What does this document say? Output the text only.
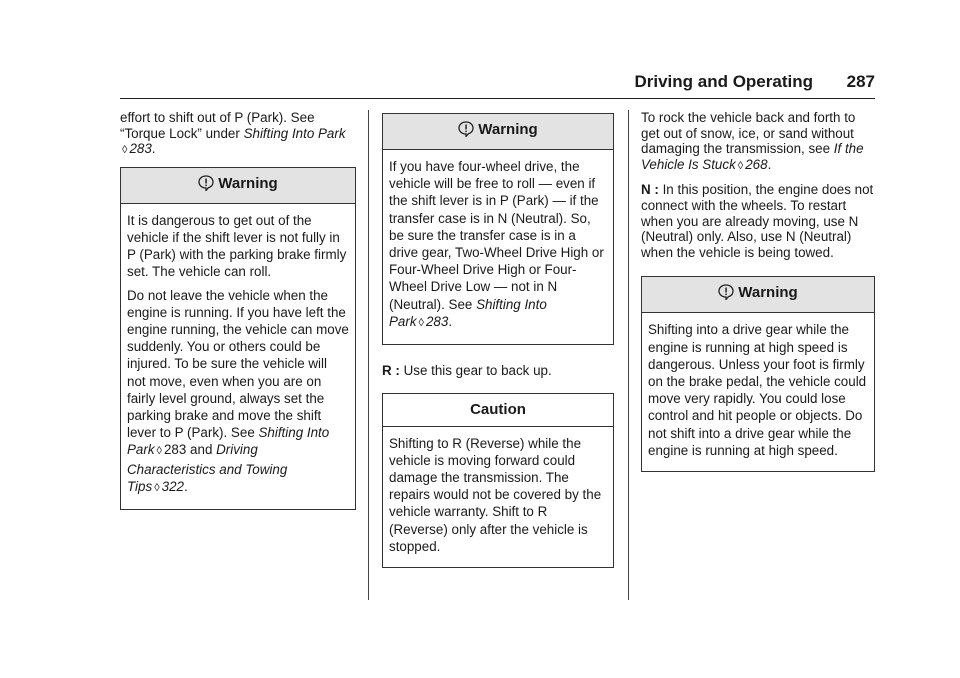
Driving and Operating 287

effort to shift out of P (Park). See “Torque Lock” under Shifting Into Park ◊ 283.

Warning

It is dangerous to get out of the vehicle if the shift lever is not fully in P (Park) with the parking brake firmly set. The vehicle can roll.

Do not leave the vehicle when the engine is running. If you have left the engine running, the vehicle can move suddenly. You or others could be injured. To be sure the vehicle will not move, even when you are on fairly level ground, always set the parking brake and move the shift lever to P (Park). See Shifting Into Park ◊ 283 and Driving Characteristics and Towing Tips ◊ 322.

Warning

If you have four-wheel drive, the vehicle will be free to roll — even if the shift lever is in P (Park) — if the transfer case is in N (Neutral). So, be sure the transfer case is in a drive gear, Two-Wheel Drive High or Four-Wheel Drive High or Four-Wheel Drive Low — not in N (Neutral). See Shifting Into Park ◊ 283.

R : Use this gear to back up.

Caution

Shifting to R (Reverse) while the vehicle is moving forward could damage the transmission. The repairs would not be covered by the vehicle warranty. Shift to R (Reverse) only after the vehicle is stopped.

To rock the vehicle back and forth to get out of snow, ice, or sand without damaging the transmission, see If the Vehicle Is Stuck ◊ 268.

N : In this position, the engine does not connect with the wheels. To restart when you are already moving, use N (Neutral) only. Also, use N (Neutral) when the vehicle is being towed.

Warning

Shifting into a drive gear while the engine is running at high speed is dangerous. Unless your foot is firmly on the brake pedal, the vehicle could move very rapidly. You could lose control and hit people or objects. Do not shift into a drive gear while the engine is running at high speed.
